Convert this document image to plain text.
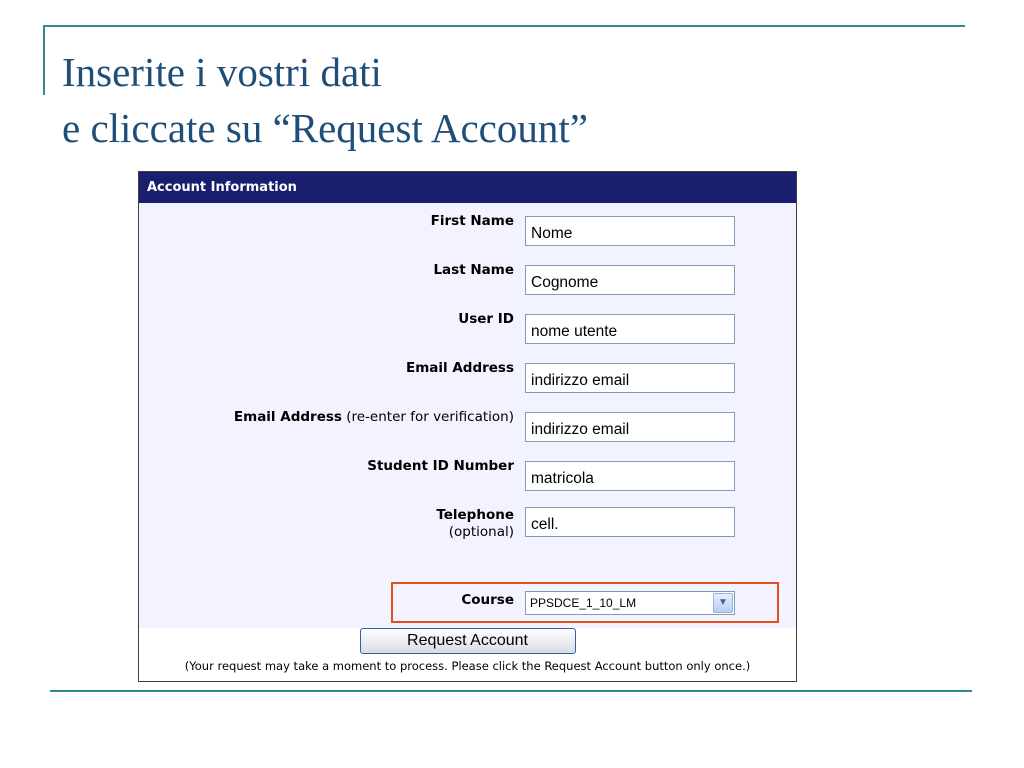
Inserite i vostri dati
e cliccate su “Request Account”
Account Information
First Name
Nome
Last Name
Cognome
User ID
nome utente
Email Address
indirizzo email
Email Address (re-enter for verification)
indirizzo email
Student ID Number
matricola
Telephone
(optional)
cell.
Course	PPSDCE_1_10_LM	▼
Request Account
(Your request may take a moment to process. Please click the Request Account button only once.)
